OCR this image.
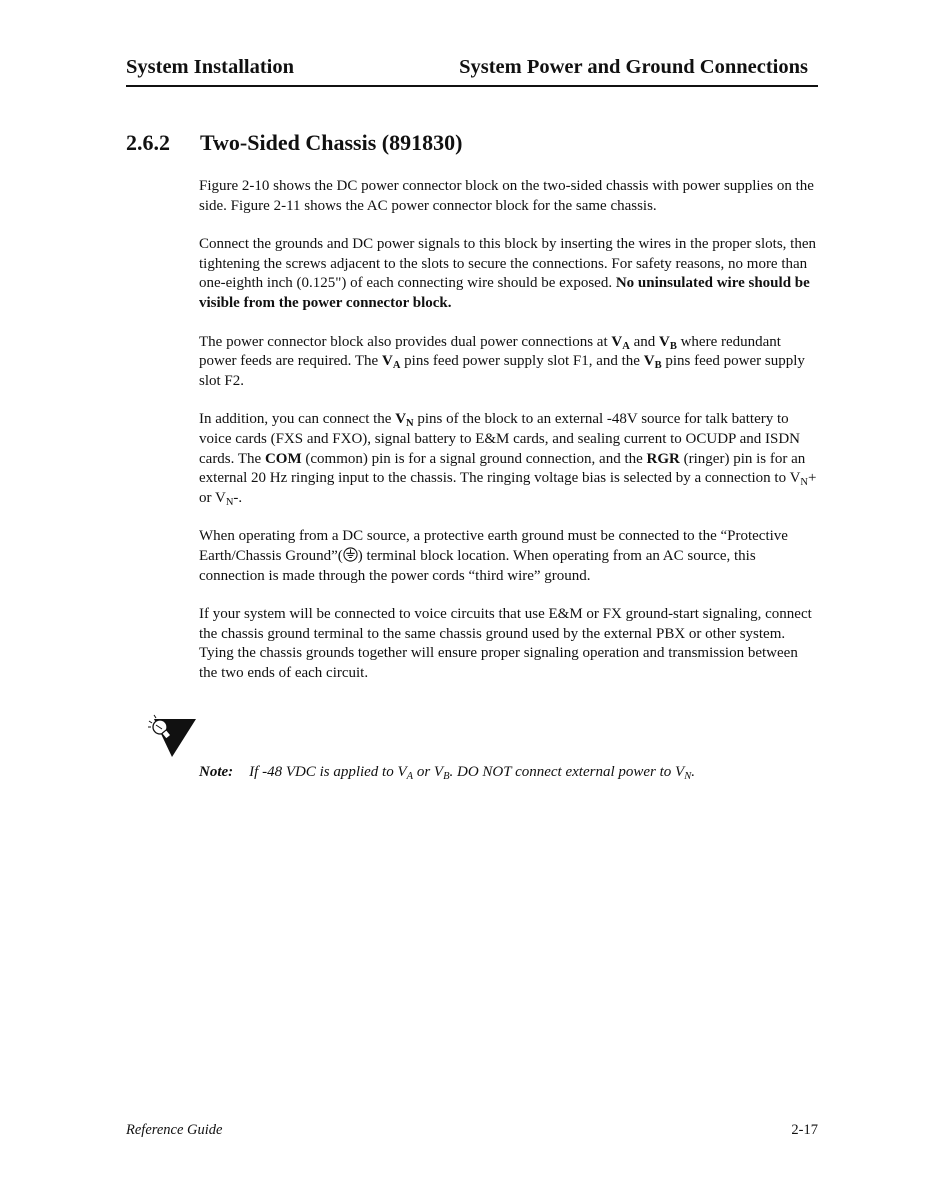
System Installation	System Power and Ground Connections
2.6.2 Two-Sided Chassis (891830)

Figure 2-10 shows the DC power connector block on the two-sided chassis with power supplies on the side. Figure 2-11 shows the AC power connector block for the same chassis.

Connect the grounds and DC power signals to this block by inserting the wires in the proper slots, then tightening the screws adjacent to the slots to secure the connections. For safety reasons, no more than one-eighth inch (0.125") of each connecting wire should be exposed. No uninsulated wire should be visible from the power connector block.

The power connector block also provides dual power connections at $V_A$ and $V_B$ where redundant power feeds are required. The $V_A$ pins feed power supply slot F1, and the $V_B$ pins feed power supply slot F2.

In addition, you can connect the $V_N$ pins of the block to an external -48V source for talk battery to voice cards (FXS and FXO), signal battery to E&M cards, and sealing current to OCUDP and ISDN cards. The COM (common) pin is for a signal ground connection, and the RGR (ringer) pin is for an external 20 Hz ringing input to the chassis. The ringing voltage bias is selected by a connection to $V_N+$ or $V_N-$.

When operating from a DC source, a protective earth ground must be connected to the “Protective Earth/Chassis Ground”( ) terminal block location. When operating from an AC source, this connection is made through the power cords “third wire” ground.

If your system will be connected to voice circuits that use E&M or FX ground-start signaling, connect the chassis ground terminal to the same chassis ground used by the external PBX or other system. Tying the chassis grounds together will ensure proper signaling operation and transmission between the two ends of each circuit.

Note: If -48 VDC is applied to $V_A$ or $V_B$. DO NOT connect external power to $V_N$.
Reference Guide	2-17
